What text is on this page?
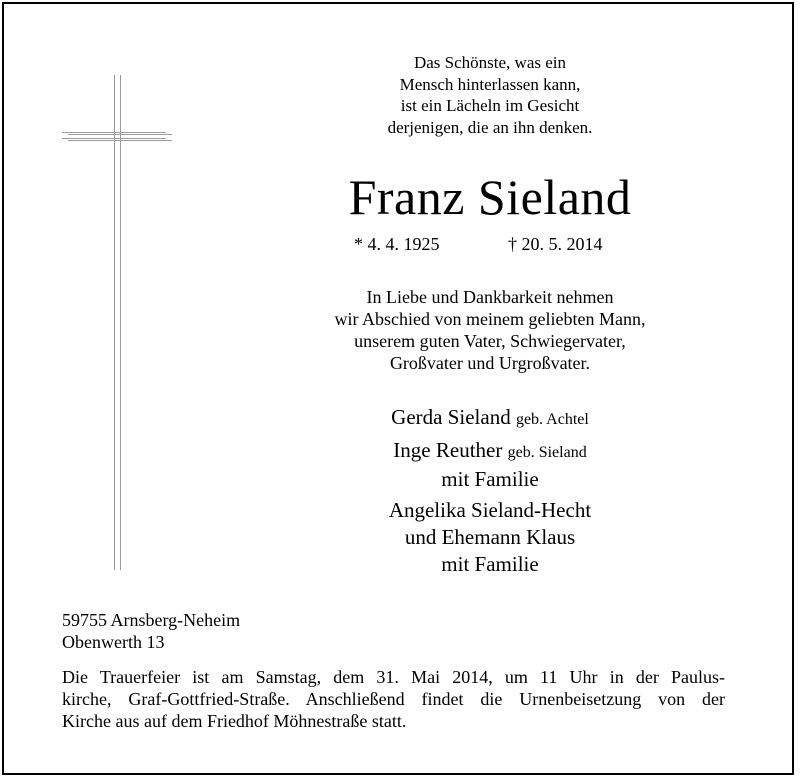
Das Schönste, was ein
Mensch hinterlassen kann,
ist ein Lächeln im Gesicht
derjenigen, die an ihn denken.
Franz Sieland
* 4. 4. 1925	† 20. 5. 2014
In Liebe und Dankbarkeit nehmen
wir Abschied von meinem geliebten Mann,
unserem guten Vater, Schwiegervater,
Großvater und Urgroßvater.
Gerda Sieland geb. Achtel
Inge Reuther geb. Sieland
mit Familie
Angelika Sieland-Hecht
und Ehemann Klaus
mit Familie
59755 Arnsberg-Neheim
Obenwerth 13
Die Trauerfeier ist am Samstag, dem 31. Mai 2014, um 11 Uhr in der Paulus-
kirche, Graf-Gottfried-Straße. Anschließend findet die Urnenbeisetzung von der
Kirche aus auf dem Friedhof Möhnestraße statt.
